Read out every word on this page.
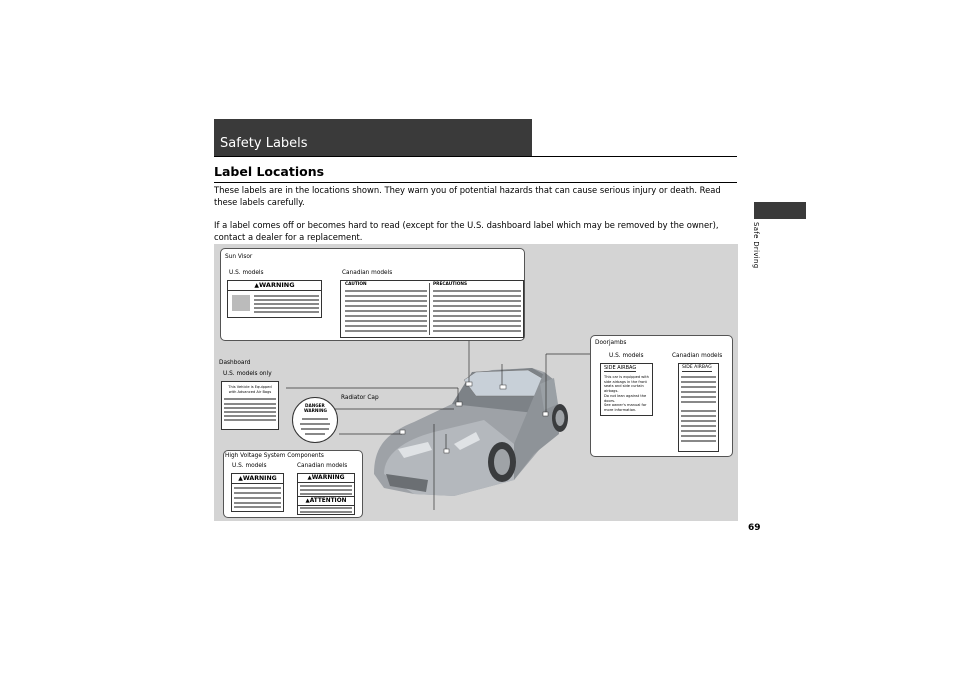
Safety Labels
Label Locations
These labels are in the locations shown. They warn you of potential hazards that can cause serious injury or death. Read these labels carefully.
If a label comes off or becomes hard to read (except for the U.S. dashboard label which may be removed by the owner), contact a dealer for a replacement.	Safe Driving
69
Sun Visor
U.S. models	Canadian models
▲WARNING	CAUTION	PRECAUTIONS
Dashboard
U.S. models only
This Vehicle is Equipped with Advanced Air Bags
Radiator Cap
DANGER
WARNING
Doorjambs
U.S. models	Canadian models
SIDE AIRBAG
This car is equipped with side airbags in the front seats and side curtain airbags.
Do not lean against the doors.
See owner's manual for more information.
SIDE AIRBAG
High Voltage System Components
U.S. models	Canadian models
▲WARNING	▲WARNING
▲ATTENTION
